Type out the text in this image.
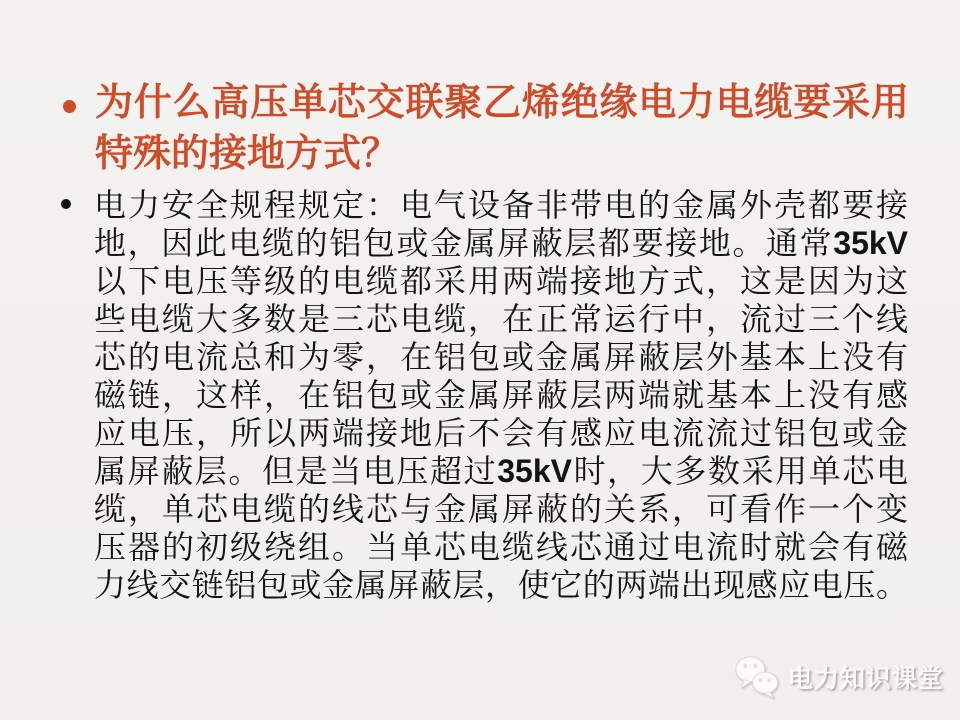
为什么高压单芯交联聚乙烯绝缘电力电缆要采用
特殊的接地方式？
电力安全规程规定：电气设备非带电的金属外壳都要接
地，因此电缆的铝包或金属屏蔽层都要接地。通常35kV
以下电压等级的电缆都采用两端接地方式，这是因为这
些电缆大多数是三芯电缆，在正常运行中，流过三个线
芯的电流总和为零，在铝包或金属屏蔽层外基本上没有
磁链，这样，在铝包或金属屏蔽层两端就基本上没有感
应电压，所以两端接地后不会有感应电流流过铝包或金
属屏蔽层。但是当电压超过35kV时，大多数采用单芯电
缆，单芯电缆的线芯与金属屏蔽的关系，可看作一个变
压器的初级绕组。当单芯电缆线芯通过电流时就会有磁
力线交链铝包或金属屏蔽层，使它的两端出现感应电压。
电力知识课堂
